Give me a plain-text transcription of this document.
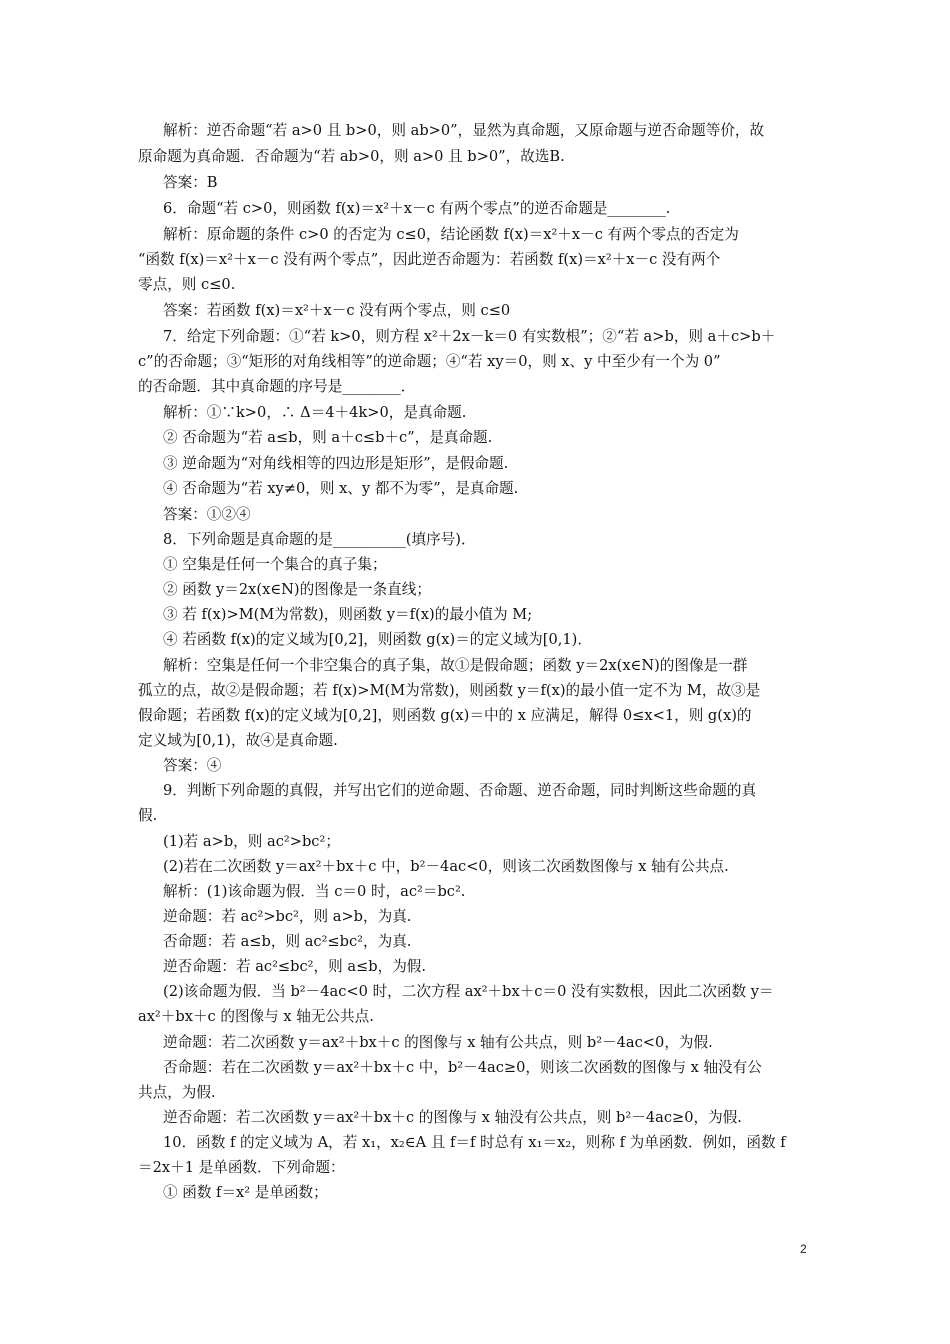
解析：逆否命题“若 a>0 且 b>0，则 ab>0”，显然为真命题，又原命题与逆否命题等价，故
原命题为真命题．否命题为“若 ab>0，则 a>0 且 b>0”，故选B.
答案：B
6．命题“若 c>0，则函数 f(x)＝x²＋x－c 有两个零点”的逆否命题是________.
解析：原命题的条件 c>0 的否定为 c≤0，结论函数 f(x)＝x²＋x－c 有两个零点的否定为
“函数 f(x)＝x²＋x－c 没有两个零点”，因此逆否命题为：若函数 f(x)＝x²＋x－c 没有两个
零点，则 c≤0.
答案：若函数 f(x)＝x²＋x－c 没有两个零点，则 c≤0
7．给定下列命题：①“若 k>0，则方程 x²＋2x－k＝0 有实数根”；②“若 a>b，则 a＋c>b＋
c”的否命题；③“矩形的对角线相等”的逆命题；④“若 xy＝0，则 x、y 中至少有一个为 0”
的否命题．其中真命题的序号是________．
解析：①∵k>0，∴ Δ＝4＋4k>0，是真命题.
② 否命题为“若 a≤b，则 a＋c≤b＋c”，是真命题.
③ 逆命题为“对角线相等的四边形是矩形”，是假命题.
④ 否命题为“若 xy≠0，则 x、y 都不为零”，是真命题.
答案：①②④
8．下列命题是真命题的是__________(填序号)．
① 空集是任何一个集合的真子集；
② 函数 y＝2x(x∈N)的图像是一条直线；
③ 若 f(x)>M(M为常数)，则函数 y＝f(x)的最小值为 M;
④ 若函数 f(x)的定义域为[0,2]，则函数 g(x)＝的定义域为[0,1)．
解析：空集是任何一个非空集合的真子集，故①是假命题；函数 y＝2x(x∈N)的图像是一群
孤立的点，故②是假命题；若 f(x)>M(M为常数)，则函数 y＝f(x)的最小值一定不为 M，故③是
假命题；若函数 f(x)的定义域为[0,2]，则函数 g(x)＝中的 x 应满足，解得 0≤x<1，则 g(x)的
定义域为[0,1)，故④是真命题.
答案：④
9．判断下列命题的真假，并写出它们的逆命题、否命题、逆否命题，同时判断这些命题的真
假.
(1)若 a>b，则 ac²>bc²；
(2)若在二次函数 y＝ax²＋bx＋c 中，b²－4ac<0，则该二次函数图像与 x 轴有公共点.
解析：(1)该命题为假．当 c＝0 时，ac²＝bc².
逆命题：若 ac²>bc²，则 a>b，为真.
否命题：若 a≤b，则 ac²≤bc²，为真.
逆否命题：若 ac²≤bc²，则 a≤b，为假.
(2)该命题为假．当 b²－4ac<0 时，二次方程 ax²＋bx＋c＝0 没有实数根，因此二次函数 y＝
ax²＋bx＋c 的图像与 x 轴无公共点.
逆命题：若二次函数 y＝ax²＋bx＋c 的图像与 x 轴有公共点，则 b²－4ac<0，为假.
否命题：若在二次函数 y＝ax²＋bx＋c 中，b²－4ac≥0，则该二次函数的图像与 x 轴没有公
共点，为假.
逆否命题：若二次函数 y＝ax²＋bx＋c 的图像与 x 轴没有公共点，则 b²－4ac≥0，为假.
10．函数 f 的定义域为 A，若 x₁，x₂∈A 且 f＝f 时总有 x₁＝x₂，则称 f 为单函数．例如，函数 f
＝2x＋1 是单函数．下列命题：
① 函数 f＝x² 是单函数；
2
